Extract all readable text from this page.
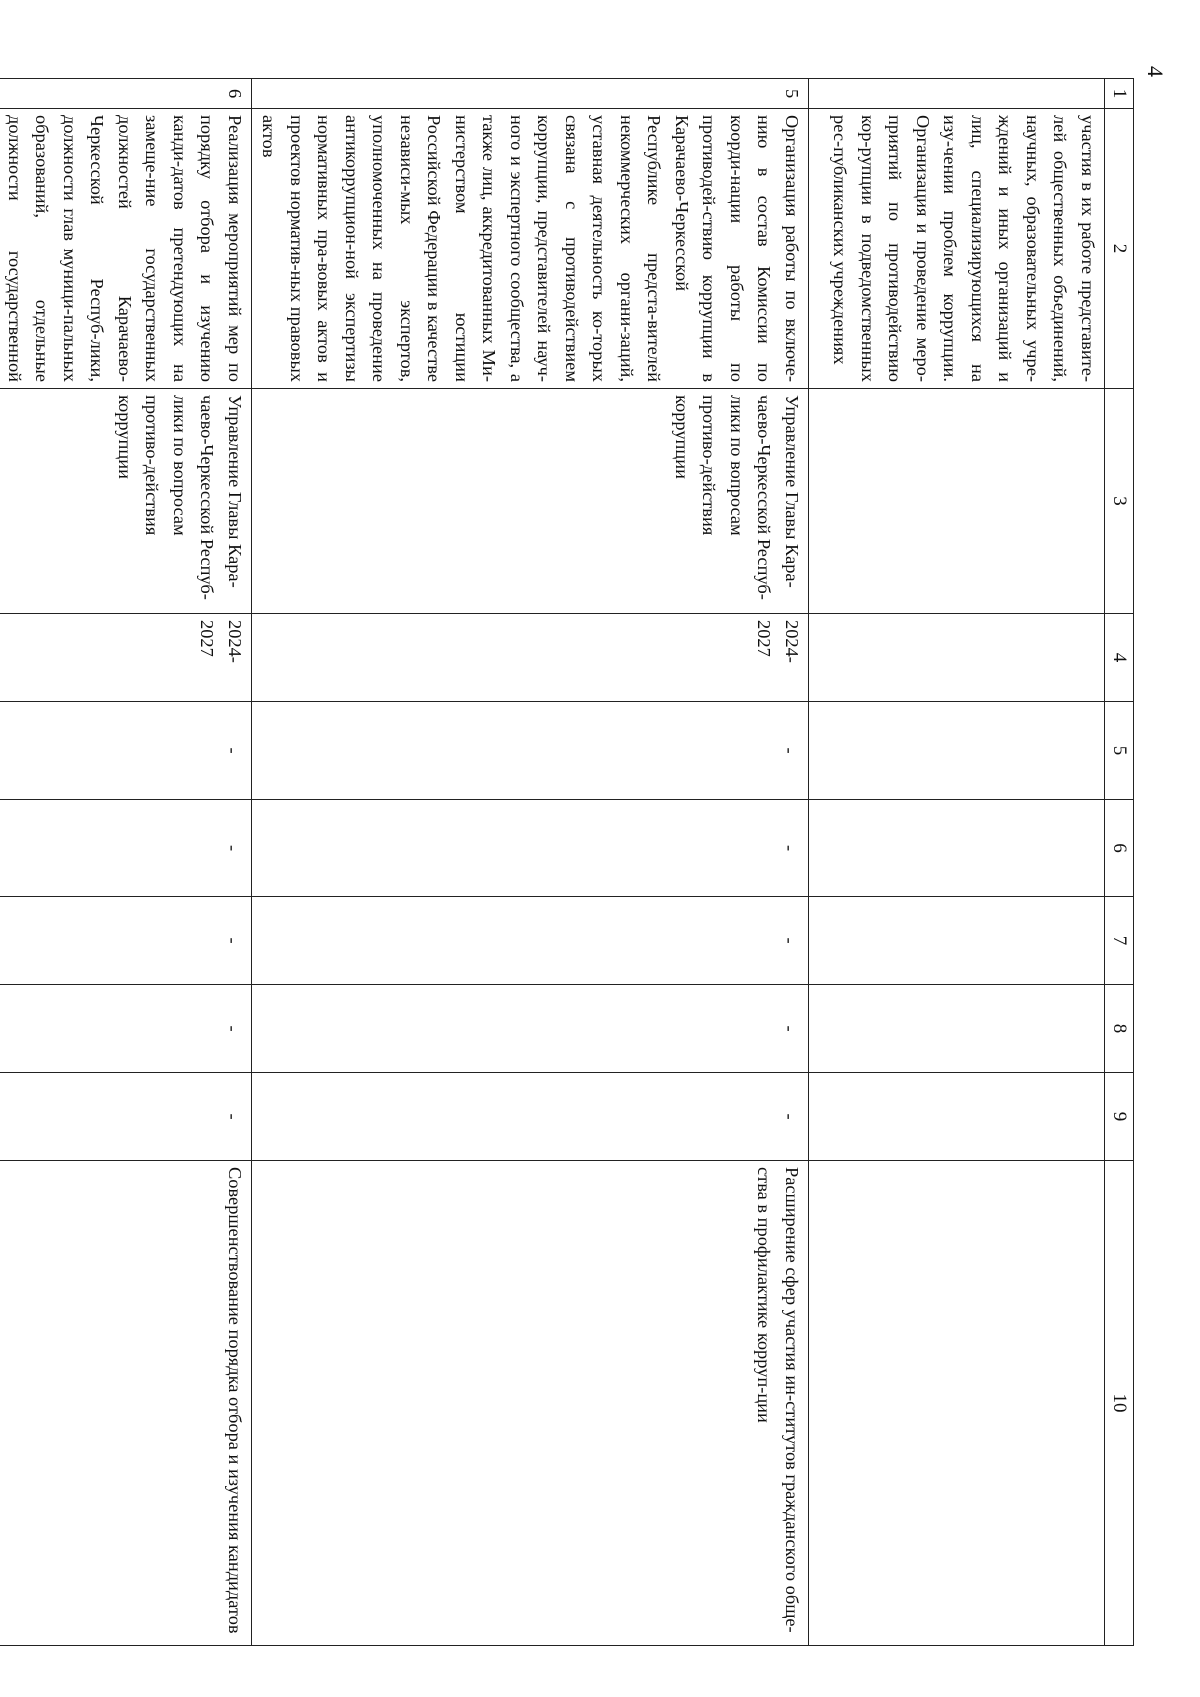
4
1	2	3	4	5	6	7	8	9	10
	участия в их работе представите-лей общественных объединений, научных, образовательных учре-ждений и иных организаций и лиц, специализирующихся на изу-чении проблем коррупции. Организация и проведение меро-приятий по противодействию кор-рупции в подведомственных рес-публиканских учреждениях								
5	Организация работы по включе-нию в состав Комиссии по коорди-нации работы по противодей-ствию коррупции в Карачаево-Черкесской Республике предста-вителей некоммерческих органи-заций, уставная деятельность ко-торых связана с противодействием коррупции, представителей науч-ного и экспертного сообщества, а также лиц, аккредитованных Ми-нистерством юстиции Российской Федерации в качестве независи-мых экспертов, уполномоченных на проведение антикоррупцион-ной экспертизы нормативных пра-вовых актов и проектов норматив-ных правовых актов	Управление Главы Кара-чаево-Черкесской Респуб-лики по вопросам противо-действия коррупции	2024-2027	-	-	-	-	-	Расширение сфер участия ин-ститутов гражданского обще-ства в профилактике корруп-ции
6	Реализация мероприятий мер по порядку отбора и изучению канди-датов претендующих на замеще-ние государственных должностей Карачаево-Черкесской Респуб-лики, должности глав муници-пальных образований, отдельные должности государственной	Управление Главы Кара-чаево-Черкесской Респуб-лики по вопросам противо-действия коррупции	2024-2027	-	-	-	-	-	Совершенствование порядка отбора и изучения кандидатов
